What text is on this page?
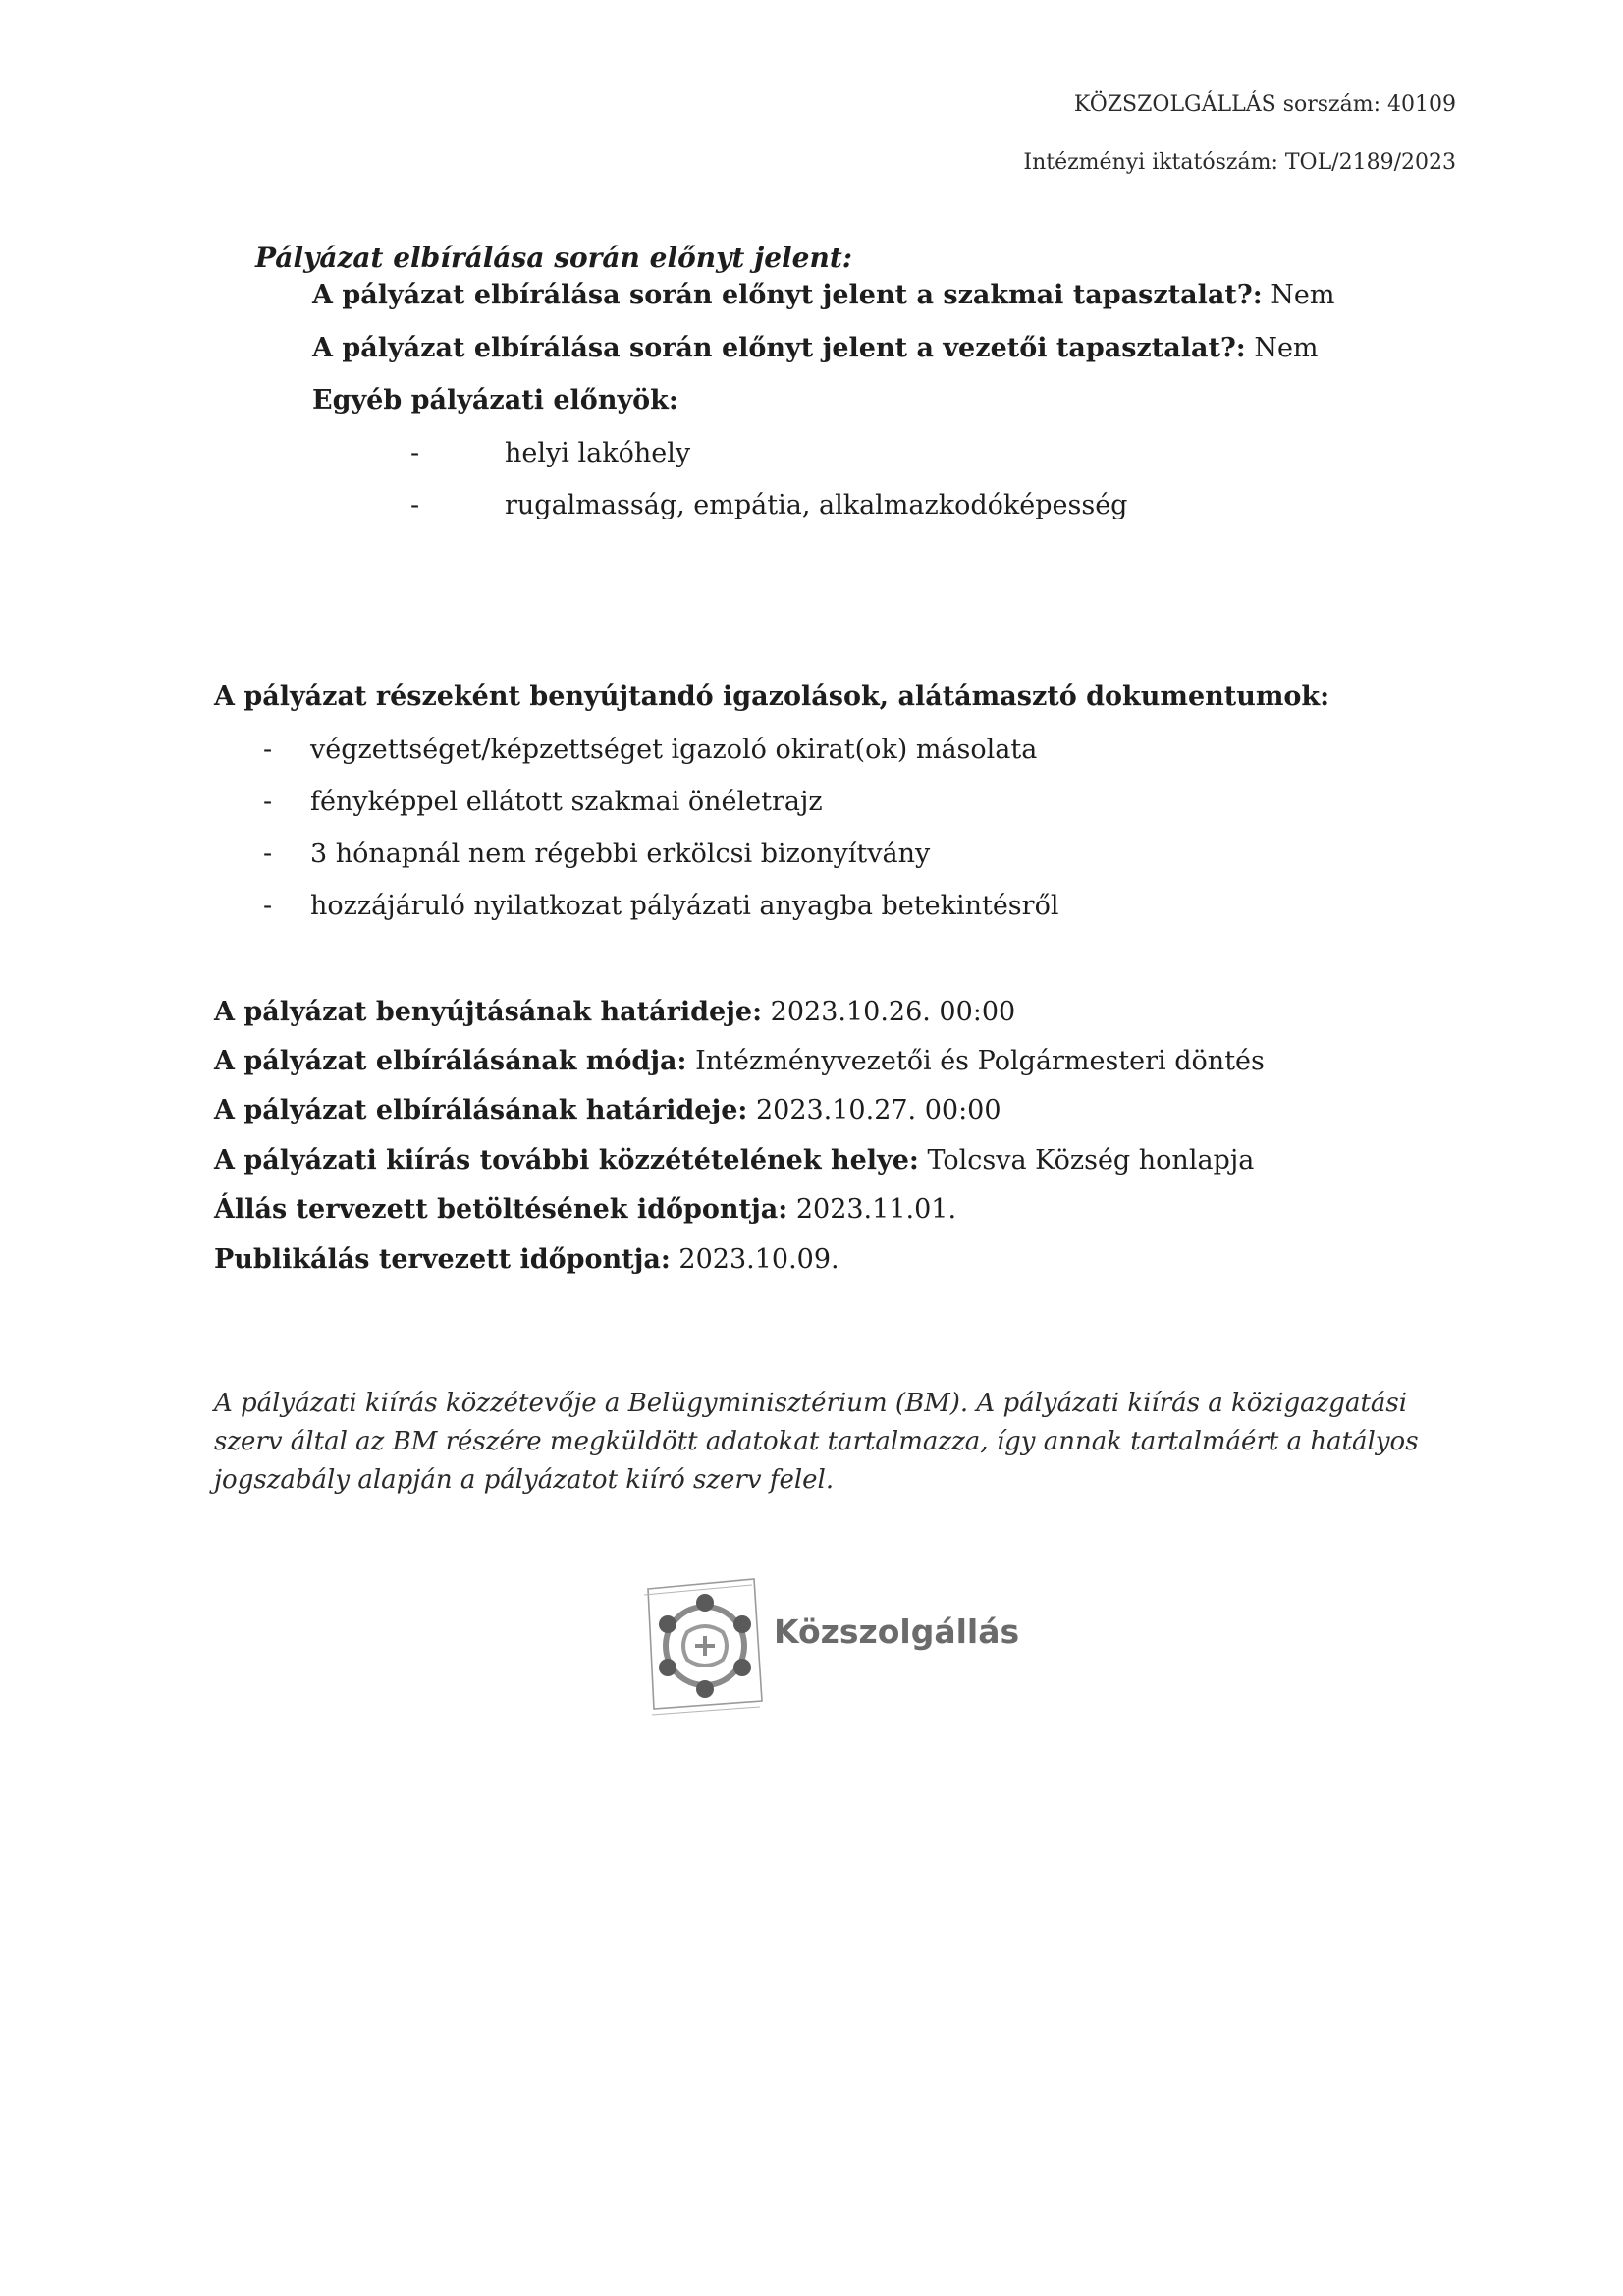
KÖZSZOLGÁLLÁS sorszám: 40109
Intézményi iktatószám: TOL/2189/2023
Pályázat elbírálása során előnyt jelent:
A pályázat elbírálása során előnyt jelent a szakmai tapasztalat?: Nem
A pályázat elbírálása során előnyt jelent a vezetői tapasztalat?: Nem
Egyéb pályázati előnyök:
-	helyi lakóhely
-	rugalmasság, empátia, alkalmazkodóképesség
A pályázat részeként benyújtandó igazolások, alátámasztó dokumentumok:
- végzettséget/képzettséget igazoló okirat(ok) másolata
- fényképpel ellátott szakmai önéletrajz
- 3 hónapnál nem régebbi erkölcsi bizonyítvány
- hozzájáruló nyilatkozat pályázati anyagba betekintésről
A pályázat benyújtásának határideje: 2023.10.26. 00:00
A pályázat elbírálásának módja: Intézményvezetői és Polgármesteri döntés
A pályázat elbírálásának határideje: 2023.10.27. 00:00
A pályázati kiírás további közzétételének helye: Tolcsva Község honlapja
Állás tervezett betöltésének időpontja: 2023.11.01.
Publikálás tervezett időpontja: 2023.10.09.
A pályázati kiírás közzétevője a Belügyminisztérium (BM). A pályázati kiírás a közigazgatási szerv által az BM részére megküldött adatokat tartalmazza, így annak tartalmáért a hatályos jogszabály alapján a pályázatot kiíró szerv felel.
Közszolgállás
